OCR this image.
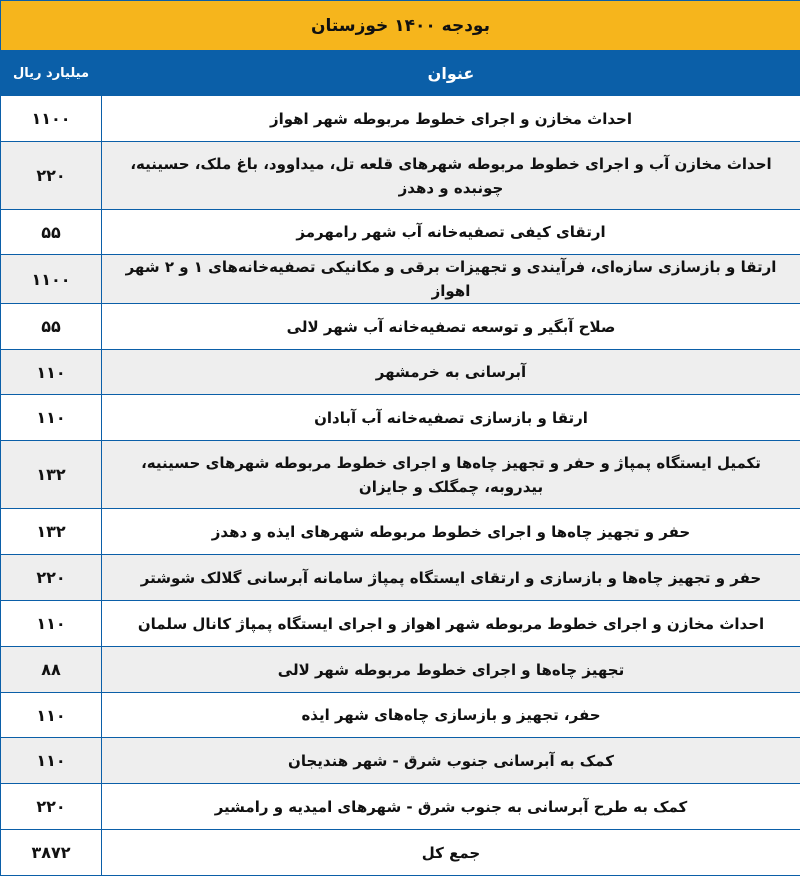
بودجه ۱۴۰۰ خوزستان	
عنوان	میلیارد ریال
احداث مخازن و اجرای خطوط مربوطه شهر اهواز	۱۱۰۰
احداث مخازن آب و اجرای خطوط مربوطه شهرهای قلعه تل، میداوود، باغ ملک، حسینیه، چونبده و دهدز	۲۲۰
ارتقای کیفی تصفیه‌خانه آب شهر رامهرمز	۵۵
ارتقا و بازسازی سازه‌ای، فرآیندی و تجهیزات برقی و مکانیکی تصفیه‌خانه‌های ۱ و ۲ شهر اهواز	۱۱۰۰
صلاح آبگیر و توسعه تصفیه‌خانه آب شهر لالی	۵۵
آبرسانی به خرمشهر	۱۱۰
ارتقا و بازسازی تصفیه‌خانه آب آبادان	۱۱۰
تکمیل ایستگاه پمپاژ و حفر و تجهیز چاه‌ها و اجرای خطوط مربوطه شهرهای حسینیه، بیدروبه، چمگلک و جایزان	۱۳۲
حفر و تجهیز چاه‌ها و اجرای خطوط مربوطه شهرهای ایذه و دهدز	۱۳۲
حفر و تجهیز چاه‌ها و بازسازی و ارتقای ایستگاه پمپاژ سامانه آبرسانی گلالک شوشتر	۲۲۰
احداث مخازن و اجرای خطوط مربوطه شهر اهواز و اجرای ایستگاه پمپاژ کانال سلمان	۱۱۰
تجهیز چاه‌ها و اجرای خطوط مربوطه شهر لالی	۸۸
حفر، تجهیز و بازسازی چاه‌های شهر ایذه	۱۱۰
کمک به آبرسانی جنوب شرق - شهر هندیجان	۱۱۰
کمک به طرح آبرسانی به جنوب شرق - شهرهای امیدیه و رامشیر	۲۲۰
جمع کل	۳۸۷۲
